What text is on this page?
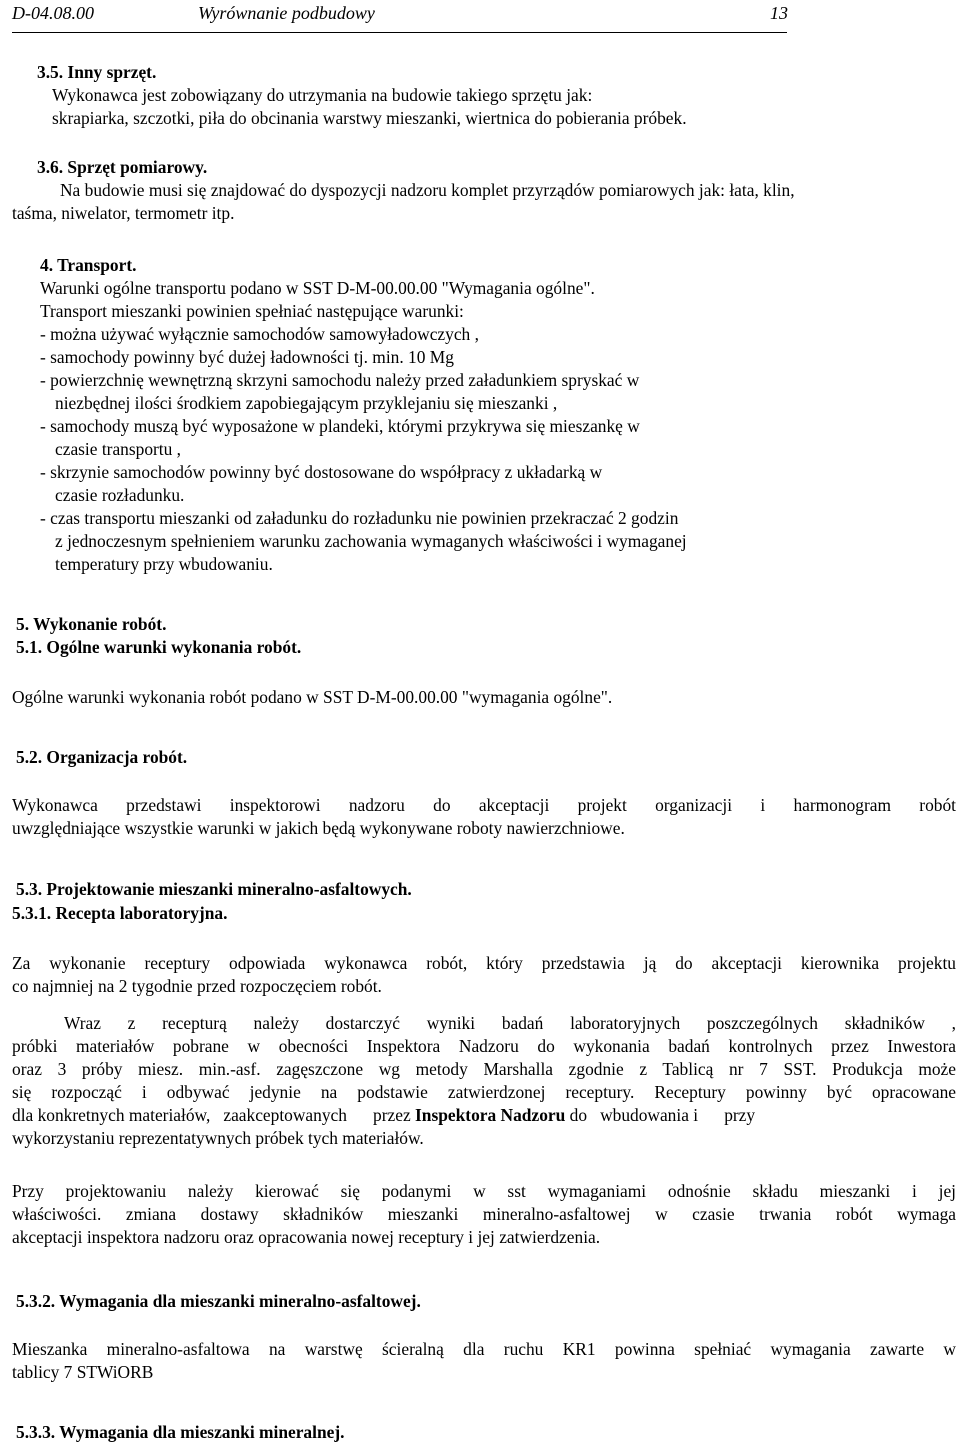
D-04.08.00	Wyrównanie podbudowy	13

3.5. Inny sprzęt.

Wykonawca jest zobowiązany do utrzymania na budowie takiego sprzętu jak:

skrapiarka, szczotki, piła do obcinania warstwy mieszanki, wiertnica do pobierania próbek.

3.6. Sprzęt pomiarowy.

Na budowie musi się znajdować do dyspozycji nadzoru komplet przyrządów pomiarowych jak: łata, klin,

taśma, niwelator, termometr itp.

4. Transport.

Warunki ogólne transportu podano w SST D-M-00.00.00 "Wymagania ogólne".

Transport mieszanki powinien spełniać następujące warunki:

- można używać wyłącznie samochodów samowyładowczych ,

- samochody powinny być dużej ładowności tj. min. 10 Mg

- powierzchnię wewnętrzną skrzyni samochodu należy przed załadunkiem spryskać w

niezbędnej ilości środkiem zapobiegającym przyklejaniu się mieszanki ,

- samochody muszą być wyposażone w plandeki, którymi przykrywa się mieszankę w

czasie transportu ,

- skrzynie samochodów powinny być dostosowane do współpracy z układarką w

czasie rozładunku.

- czas transportu mieszanki od załadunku do rozładunku nie powinien przekraczać 2 godzin

z jednoczesnym spełnieniem warunku zachowania wymaganych właściwości i wymaganej

temperatury przy wbudowaniu.

5. Wykonanie robót.

5.1. Ogólne warunki wykonania robót.

Ogólne warunki wykonania robót podano w SST D-M-00.00.00 "wymagania ogólne".

5.2. Organizacja robót.

Wykonawca przedstawi inspektorowi nadzoru do akceptacji projekt organizacji i harmonogram robót

uwzględniające wszystkie warunki w jakich będą wykonywane roboty nawierzchniowe.

5.3. Projektowanie mieszanki mineralno-asfaltowych.

5.3.1. Recepta laboratoryjna.

Za wykonanie receptury odpowiada wykonawca robót, który przedstawia ją do akceptacji kierownika projektu

co najmniej na 2 tygodnie przed rozpoczęciem robót.

Wraz z recepturą należy dostarczyć wyniki badań laboratoryjnych poszczególnych składników ,

próbki materiałów pobrane w obecności Inspektora Nadzoru do wykonania badań kontrolnych przez Inwestora

oraz 3 próby miesz. min.-asf. zagęszczone wg metody Marshalla zgodnie z Tablicą nr 7 SST. Produkcja może

się rozpocząć i odbywać jedynie na podstawie zatwierdzonej receptury. Receptury powinny być opracowane

dla konkretnych materiałów,   zaakceptowanych      przez Inspektora Nadzoru do   wbudowania i      przy

wykorzystaniu reprezentatywnych próbek tych materiałów.

Przy projektowaniu należy kierować się podanymi w sst wymaganiami odnośnie składu mieszanki i jej

właściwości. zmiana dostawy składników mieszanki mineralno-asfaltowej w czasie trwania robót wymaga

akceptacji inspektora nadzoru oraz opracowania nowej receptury i jej zatwierdzenia.

5.3.2. Wymagania dla mieszanki mineralno-asfaltowej.

Mieszanka mineralno-asfaltowa na warstwę ścieralną dla ruchu KR1 powinna spełniać wymagania zawarte w

tablicy 7 STWiORB

5.3.3. Wymagania dla mieszanki mineralnej.
